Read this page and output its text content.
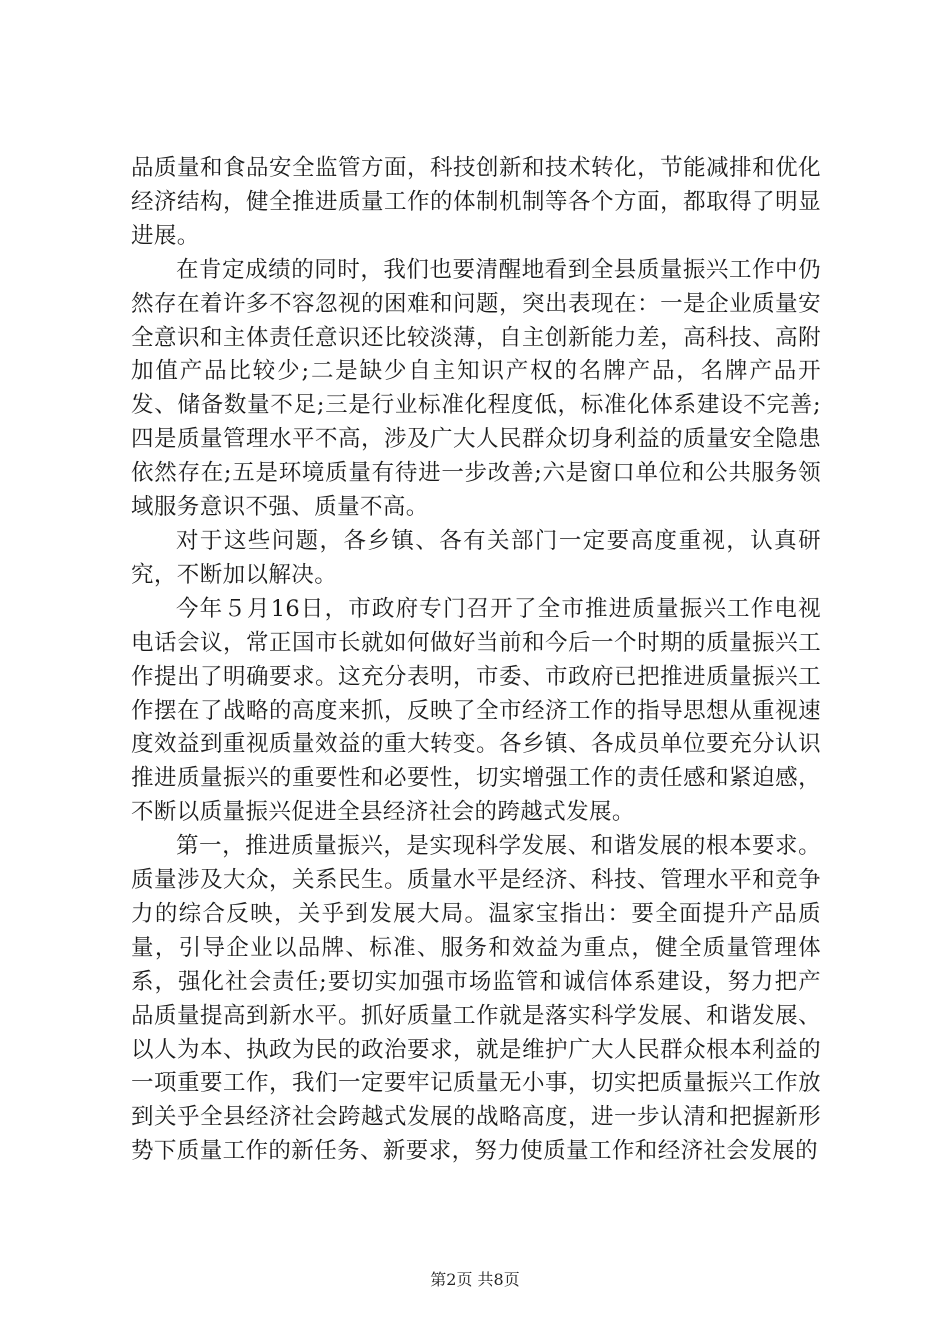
品质量和食品安全监管方面，科技创新和技术转化，节能减排和优化经济结构，健全推进质量工作的体制机制等各个方面，都取得了明显进展。

在肯定成绩的同时，我们也要清醒地看到全县质量振兴工作中仍然存在着许多不容忽视的困难和问题，突出表现在：一是企业质量安全意识和主体责任意识还比较淡薄，自主创新能力差，高科技、高附加值产品比较少;二是缺少自主知识产权的名牌产品，名牌产品开发、储备数量不足;三是行业标准化程度低，标准化体系建设不完善;四是质量管理水平不高，涉及广大人民群众切身利益的质量安全隐患依然存在;五是环境质量有待进一步改善;六是窗口单位和公共服务领域服务意识不强、质量不高。

对于这些问题，各乡镇、各有关部门一定要高度重视，认真研究，不断加以解决。

今年５月16日，市政府专门召开了全市推进质量振兴工作电视电话会议，常正国市长就如何做好当前和今后一个时期的质量振兴工作提出了明确要求。这充分表明，市委、市政府已把推进质量振兴工作摆在了战略的高度来抓，反映了全市经济工作的指导思想从重视速度效益到重视质量效益的重大转变。各乡镇、各成员单位要充分认识推进质量振兴的重要性和必要性，切实增强工作的责任感和紧迫感，不断以质量振兴促进全县经济社会的跨越式发展。

第一，推进质量振兴，是实现科学发展、和谐发展的根本要求。质量涉及大众，关系民生。质量水平是经济、科技、管理水平和竞争力的综合反映，关乎到发展大局。温家宝指出：要全面提升产品质量，引导企业以品牌、标准、服务和效益为重点，健全质量管理体系，强化社会责任;要切实加强市场监管和诚信体系建设，努力把产品质量提高到新水平。抓好质量工作就是落实科学发展、和谐发展、以人为本、执政为民的政治要求，就是维护广大人民群众根本利益的一项重要工作，我们一定要牢记质量无小事，切实把质量振兴工作放到关乎全县经济社会跨越式发展的战略高度，进一步认清和把握新形势下质量工作的新任务、新要求，努力使质量工作和经济社会发展的

第2页 共8页
